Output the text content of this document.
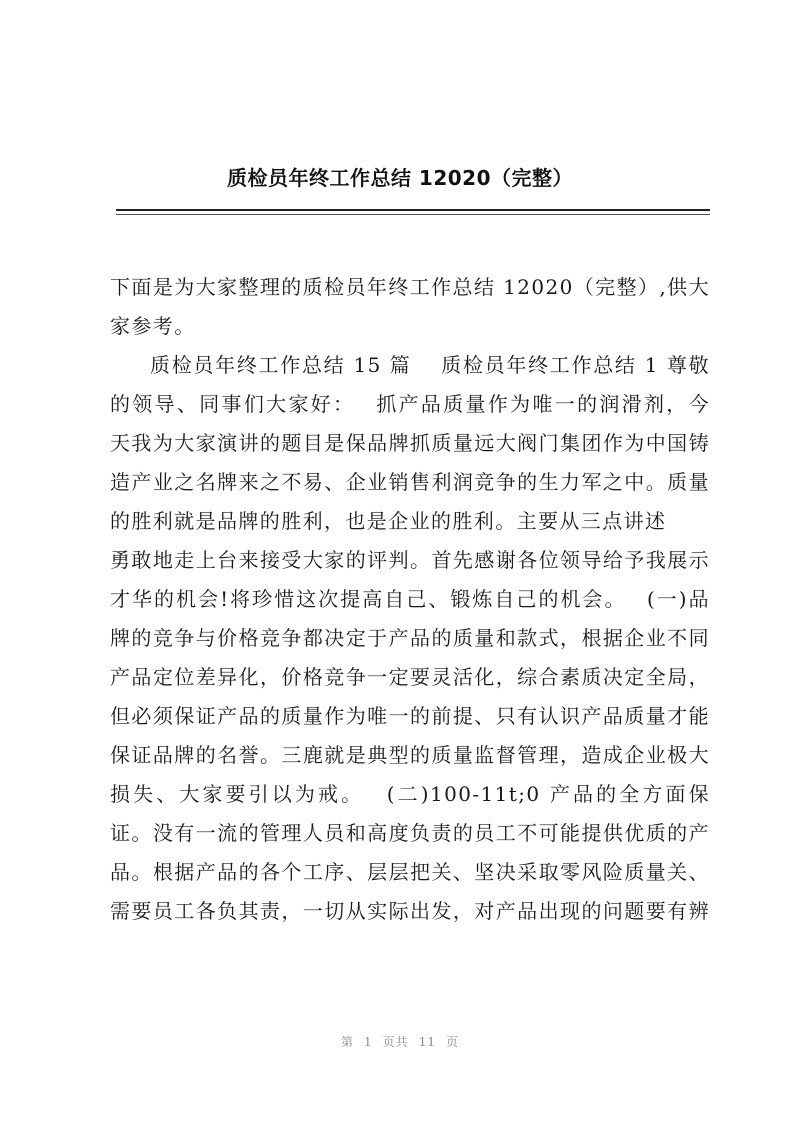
质检员年终工作总结 12020（完整）
下面是为大家整理的质检员年终工作总结 12020（完整）,供大
家参考。
质检员年终工作总结 15 篇　 质检员年终工作总结 1 尊敬
的领导、同事们大家好：　 抓产品质量作为唯一的润滑剂，今
天我为大家演讲的题目是保品牌抓质量远大阀门集团作为中国铸
造产业之名牌来之不易、企业销售利润竞争的生力军之中。质量
的胜利就是品牌的胜利，也是企业的胜利。主要从三点讲述
勇敢地走上台来接受大家的评判。首先感谢各位领导给予我展示
才华的机会!将珍惜这次提高自己、锻炼自己的机会。　 (一)品
牌的竞争与价格竞争都决定于产品的质量和款式，根据企业不同
产品定位差异化，价格竞争一定要灵活化，综合素质决定全局，
但必须保证产品的质量作为唯一的前提、只有认识产品质量才能
保证品牌的名誉。三鹿就是典型的质量监督管理，造成企业极大
损失、大家要引以为戒。　 (二)100-11t;0 产品的全方面保
证。没有一流的管理人员和高度负责的员工不可能提供优质的产
品。根据产品的各个工序、层层把关、坚决采取零风险质量关、
需要员工各负其责，一切从实际出发，对产品出现的问题要有辨
第 1 页共 11 页
